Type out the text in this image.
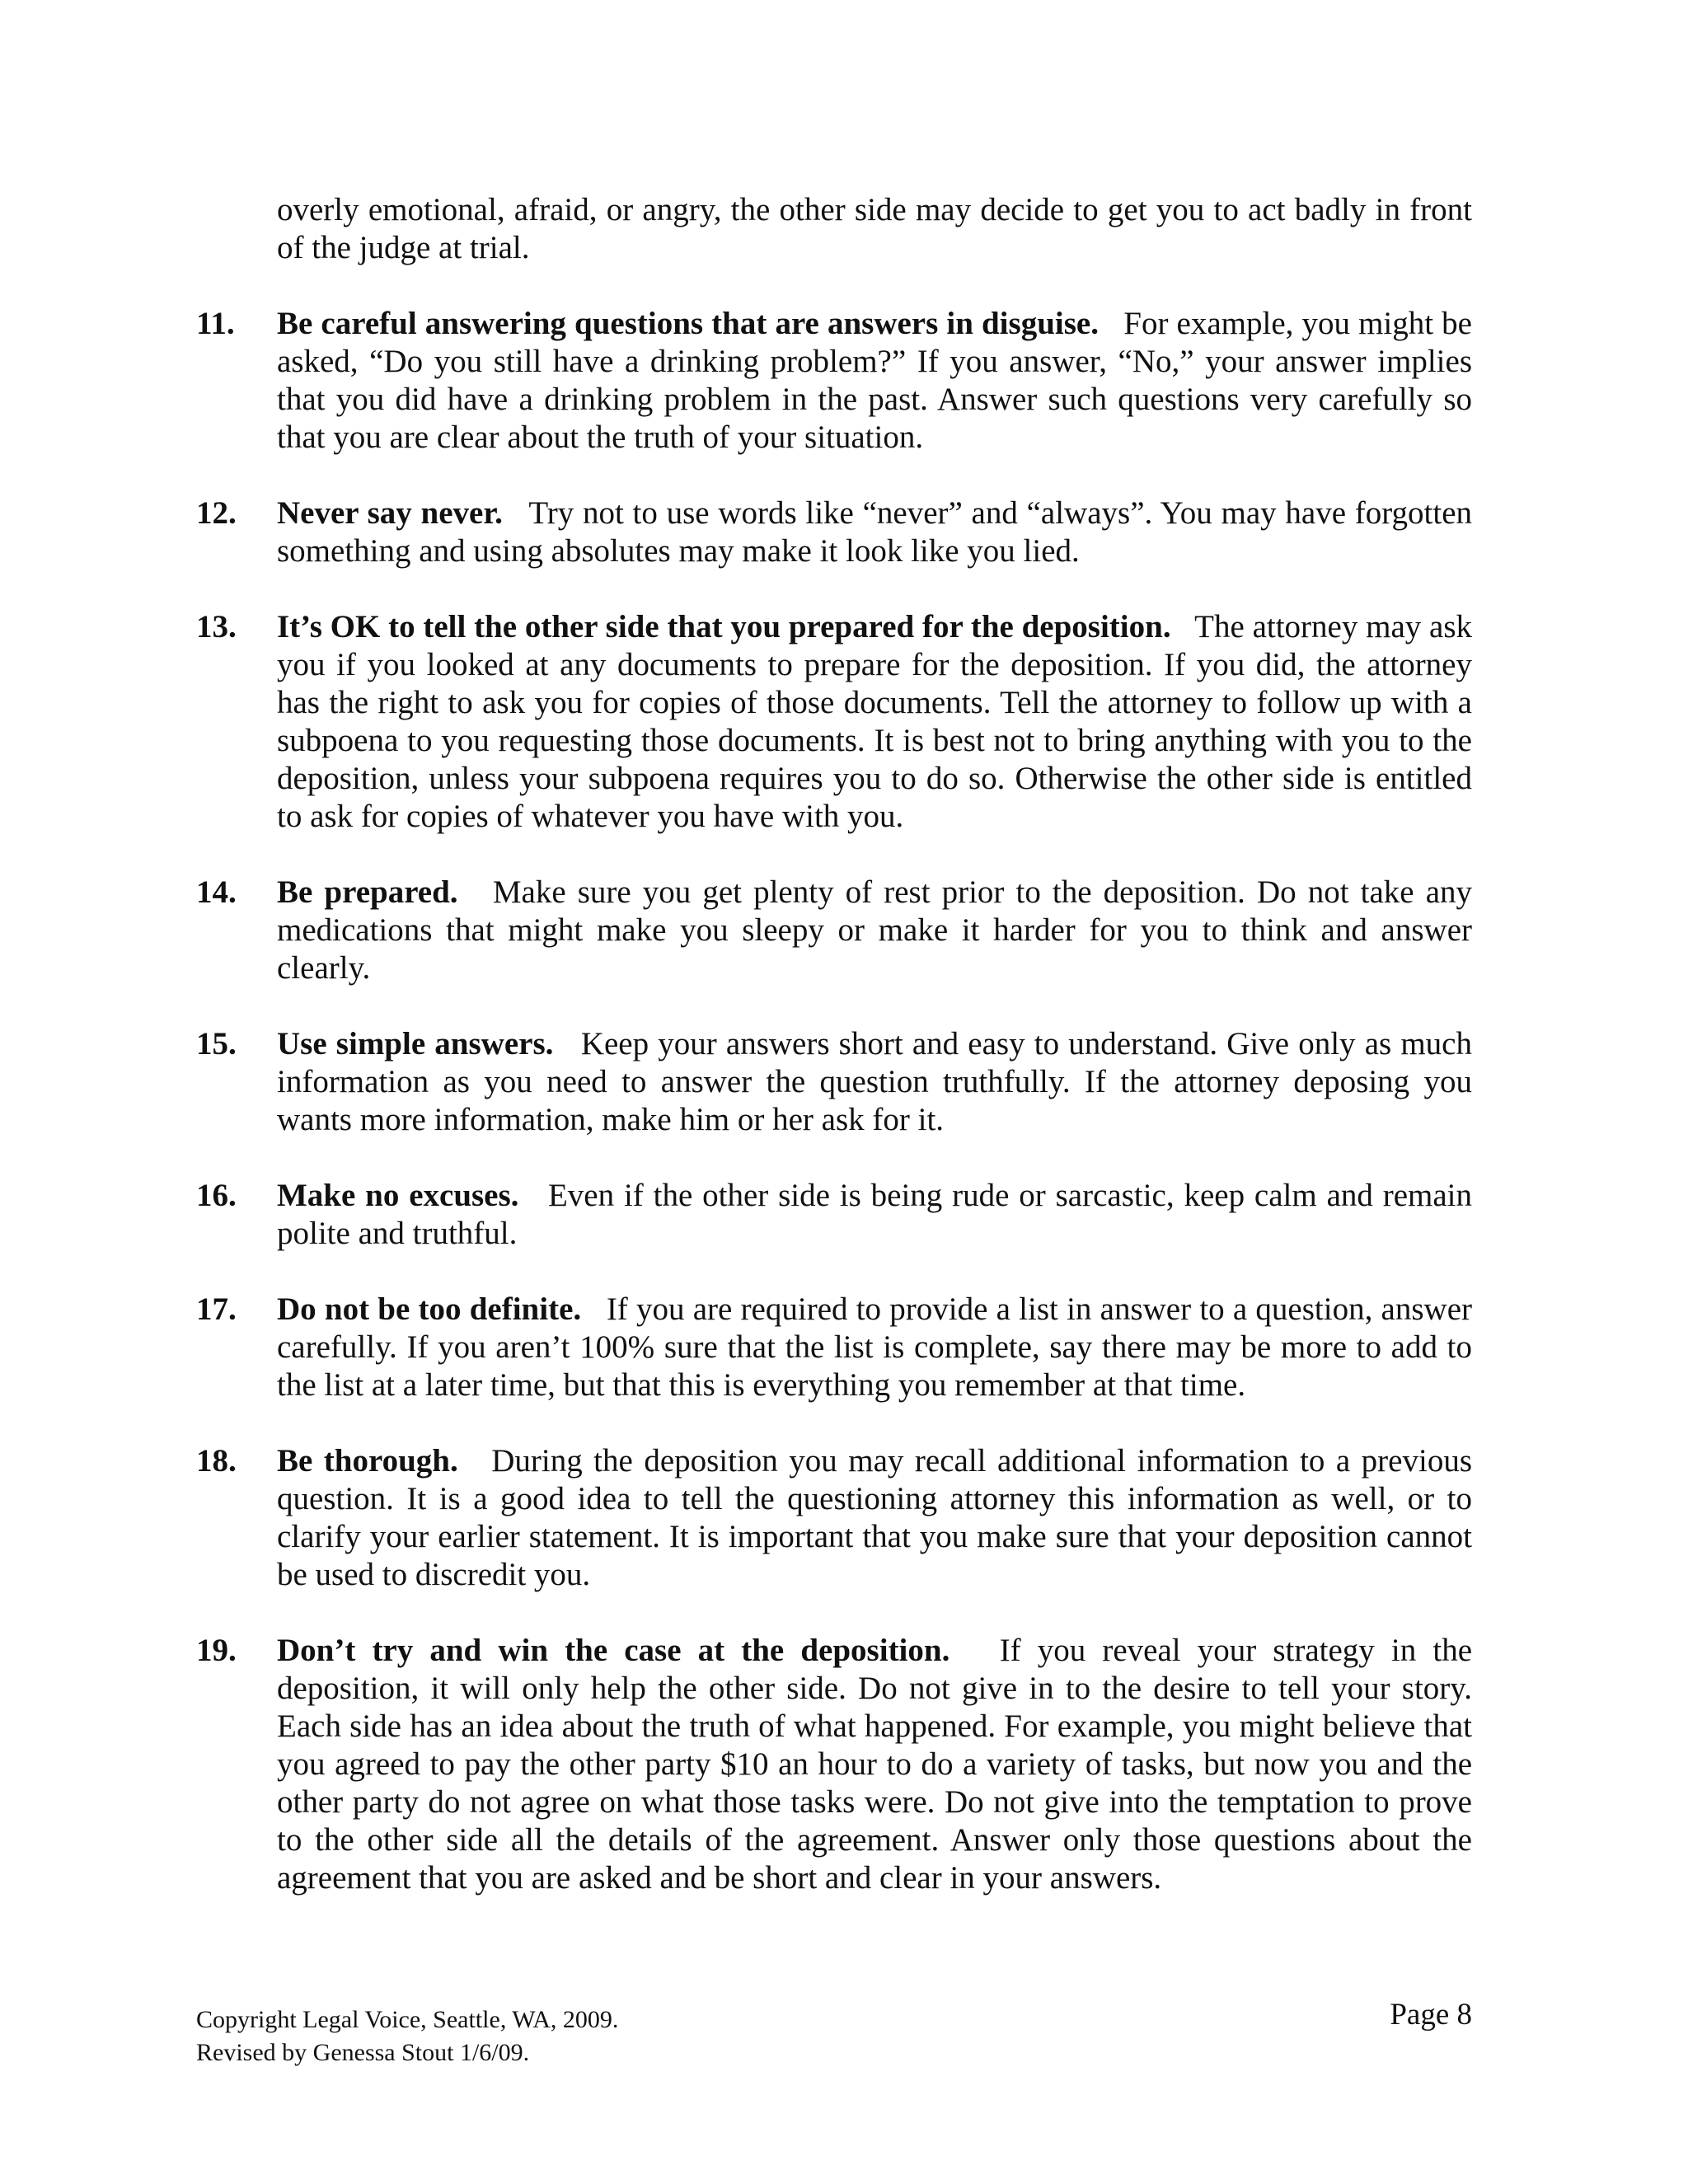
overly emotional, afraid, or angry, the other side may decide to get you to act badly in front of the judge at trial.

11. Be careful answering questions that are answers in disguise.   For example, you might be asked, “Do you still have a drinking problem?” If you answer, “No,” your answer implies that you did have a drinking problem in the past. Answer such questions very carefully so that you are clear about the truth of your situation.
12. Never say never.   Try not to use words like “never” and “always”. You may have forgotten something and using absolutes may make it look like you lied.
13. It’s OK to tell the other side that you prepared for the deposition.   The attorney may ask you if you looked at any documents to prepare for the deposition. If you did, the attorney has the right to ask you for copies of those documents. Tell the attorney to follow up with a subpoena to you requesting those documents. It is best not to bring anything with you to the deposition, unless your subpoena requires you to do so. Otherwise the other side is entitled to ask for copies of whatever you have with you.
14. Be prepared.   Make sure you get plenty of rest prior to the deposition. Do not take any medications that might make you sleepy or make it harder for you to think and answer clearly.
15. Use simple answers.   Keep your answers short and easy to understand. Give only as much information as you need to answer the question truthfully. If the attorney deposing you wants more information, make him or her ask for it.
16. Make no excuses.   Even if the other side is being rude or sarcastic, keep calm and remain polite and truthful.
17. Do not be too definite.   If you are required to provide a list in answer to a question, answer carefully. If you aren’t 100% sure that the list is complete, say there may be more to add to the list at a later time, but that this is everything you remember at that time.
18. Be thorough.   During the deposition you may recall additional information to a previous question. It is a good idea to tell the questioning attorney this information as well, or to clarify your earlier statement. It is important that you make sure that your deposition cannot be used to discredit you.
19. Don’t try and win the case at the deposition.   If you reveal your strategy in the deposition, it will only help the other side. Do not give in to the desire to tell your story. Each side has an idea about the truth of what happened. For example, you might believe that you agreed to pay the other party $10 an hour to do a variety of tasks, but now you and the other party do not agree on what those tasks were. Do not give into the temptation to prove to the other side all the details of the agreement. Answer only those questions about the agreement that you are asked and be short and clear in your answers.
Copyright Legal Voice, Seattle, WA, 2009.
Revised by Genessa Stout 1/6/09.
Page 8
